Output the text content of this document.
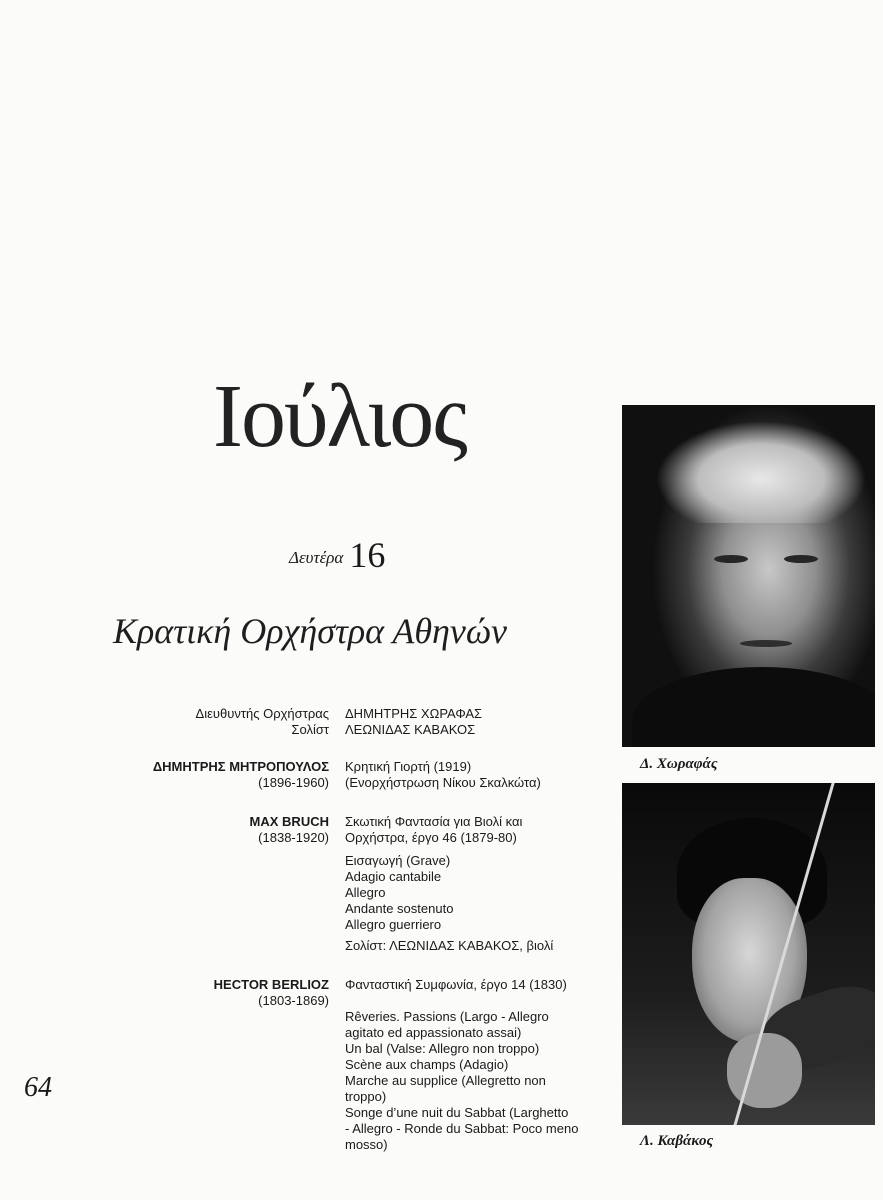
Ιούλιος
Δευτέρα 16
Κρατική Ορχήστρα Αθηνών
Διευθυντής Ορχήστρας ΔΗΜΗΤΡΗΣ ΧΩΡΑΦΑΣ
Σολίστ ΛΕΩΝΙΔΑΣ ΚΑΒΑΚΟΣ
ΔΗΜΗΤΡΗΣ ΜΗΤΡΟΠΟΥΛΟΣ
(1896-1960)
Κρητική Γιορτή (1919)
(Ενορχήστρωση Νίκου Σκαλκώτα)
MAX BRUCH
(1838-1920)
Σκωτική Φαντασία για Βιολί και
Ορχήστρα, έργο 46 (1879-80)
Εισαγωγή (Grave)
Adagio cantabile
Allegro
Andante sostenuto
Allegro guerriero
Σολίστ: ΛΕΩΝΙΔΑΣ ΚΑΒΑΚΟΣ, βιολί
HECTOR BERLIOZ
(1803-1869)
Φανταστική Συμφωνία, έργο 14 (1830)
Rêveries. Passions (Largo - Allegro
agitato ed appassionato assai)
Un bal (Valse: Allegro non troppo)
Scène aux champs (Adagio)
Marche au supplice (Allegretto non
troppo)
Songe d’une nuit du Sabbat (Larghetto
- Allegro - Ronde du Sabbat: Poco meno
mosso)
64
Δ. Χωραφάς
Λ. Καβάκος
